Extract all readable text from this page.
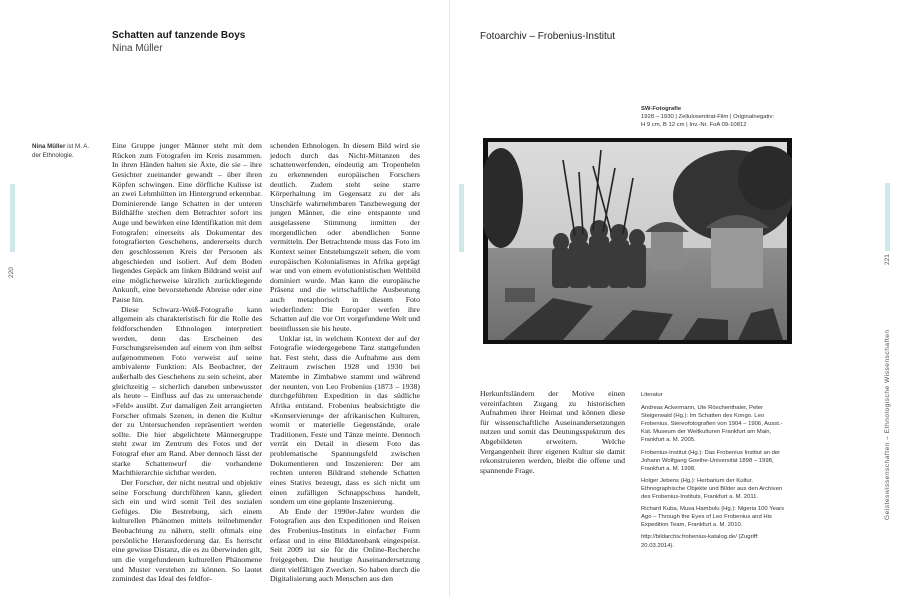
Schatten auf tanzende Boys
Nina Müller
Nina Müller ist M. A. der Ethnologie.
220

Eine Gruppe junger Männer steht mit dem Rücken zum Fotografen im Kreis zusammen. In ihren Händen halten sie Äxte, die sie – ihre Gesichter zueinander gewandt – über ihren Köpfen schwingen. Eine dörfliche Kulisse ist an zwei Lehmhütten im Hintergrund erkennbar. Dominierende lange Schatten in der unteren Bildhälfte stechen dem Betrachter sofort ins Auge und bewirken eine Identifikation mit dem Fotografen: einerseits als Dokumentar des fotografierten Geschehens, andererseits durch den geschlossenen Kreis der Personen als abgeschieden und isoliert. Auf dem Boden liegendes Gepäck am linken Bildrand weist auf eine möglicherweise kürzlich zurückliegende Ankunft, eine bevorstehende Abreise oder eine Pause hin.

Diese Schwarz-Weiß-Fotografie kann allgemein als charakteristisch für die Rolle des feldforschenden Ethnologen interpretiert werden, denn das Erscheinen des Forschungsreisenden auf einem von ihm selbst aufgenommenen Foto verweist auf seine ambivalente Funktion: Als Beobachter, der außerhalb des Geschehens zu sein scheint, aber gleichzeitig – sicherlich daneben unbewusster als heute – Einfluss auf das zu untersuchende »Feld« ausübt. Zur damaligen Zeit arrangierten Forscher oftmals Szenen, in denen die Kultur der zu Untersuchenden repräsentiert werden sollte. Die hier abgelichtete Männergruppe steht zwar im Zentrum des Fotos und der Fotograf eher am Rand. Aber dennoch lässt der starke Schattenwurf die vorhandene Machthierarchie sichtbar werden.

Der Forscher, der nicht neutral und objektiv seine Forschung durchführen kann, gliedert sich ein und wird somit Teil des sozialen Gefüges. Die Bestrebung, sich einem kulturellen Phänomen mittels teilnehmender Beobachtung zu nähern, stellt oftmals eine persönliche Herausforderung dar. Es herrscht eine gewisse Distanz, die es zu überwinden gilt, um die vorgefundenen kulturellen Phänomene und Muster verstehen zu können. So lautet zumindest das Ideal des feldfor-

schenden Ethnologen. In diesem Bild wird sie jedoch durch das Nicht-Mittanzen des schattenwerfenden, eindeutig am Tropenhelm zu erkennenden europäischen Forschers deutlich. Zudem steht seine starre Körperhaltung im Gegensatz zu der als Unschärfe wahrnehmbaren Tanzbewegung der jungen Männer, die eine entspannte und ausgelassene Stimmung inmitten der morgendlichen oder abendlichen Sonne vermitteln. Der Betrachtende muss das Foto im Kontext seiner Entstehungszeit sehen, die vom europäischen Kolonialismus in Afrika geprägt war und von einem evolutionistischen Weltbild dominiert wurde. Man kann die europäische Präsenz und die wirtschaftliche Ausbeutung auch metaphorisch in diesem Foto wiederfinden: Die Europäer werfen ihre Schatten auf die vor Ort vorgefundene Welt und beeinflussen sie bis heute.

Unklar ist, in welchem Kontext der auf der Fotografie wiedergegebene Tanz stattgefunden hat. Fest steht, dass die Aufnahme aus dem Zeitraum zwischen 1928 und 1930 bei Matembe in Zimbabwe stammt und während der neunten, von Leo Frobenius (1873 – 1938) durchgeführten Expedition in das südliche Afrika entstand. Frobenius beabsichtigte die »Konservierung« der afrikanischen Kulturen, womit er materielle Gegenstände, orale Traditionen, Feste und Tänze meinte. Dennoch verrät ein Detail in diesem Foto das problematische Spannungsfeld zwischen Dokumentieren und Inszenieren: Der am rechten unteren Bildrand stehende Schatten eines Stativs bezeugt, dass es sich nicht um einen zufälligen Schnappschuss handelt, sondern um eine geplante Inszenierung.

Ab Ende der 1990er-Jahre wurden die Fotografien aus den Expeditionen und Reisen des Frobenius-Instituts in einfacher Form erfasst und in eine Bilddatenbank eingespeist. Seit 2009 ist sie für die Online-Recherche freigegeben. Die heutige Auseinandersetzung dient vielfältigen Zwecken. So haben durch die Digitalisierung auch Menschen aus den

Fotoarchiv – Frobenius-Institut
221
Geisteswissenschaften – Ethnologische Wissenschaften
SW-Fotografie
1928 – 1930 | Zellulosenitrat-Film | Originalnegativ:
H 9 cm, B 12 cm | Inv.-Nr. FoA 09-10812

Herkunftsländern der Motive einen vereinfachten Zugang zu historischen Aufnahmen ihrer Heimat und können diese für wissenschaftliche Auseinandersetzungen nutzen und somit das Deutungsspektrum des Abgebildeten erweitern. Welche Vergangenheit ihrer eigenen Kultur sie damit rekonstruieren werden, bleibt die offene und spannende Frage.

Literatur

Andreas Ackermann, Ute Röschenthaler, Peter Steigerwald (Hg.): Im Schatten des Kongo. Leo Frobenius. Stereofotografien von 1904 – 1906, Ausst.-Kat. Museum der Weltkulturen Frankfurt am Main, Frankfurt a. M. 2005.

Frobenius-Institut (Hg.): Das Frobenius Institut an der Johann Wolfgang Goethe-Universität 1898 – 1998, Frankfurt a. M. 1998.

Holger Jebens (Hg.): Herbarium der Kultur. Ethnographische Objekte und Bilder aus den Archiven des Frobenius-Instituts, Frankfurt a. M. 2011.

Richard Kuba, Musa Hambolu (Hg.): Nigeria 100 Years Ago – Through the Eyes of Leo Frobenius and His Expedition Team, Frankfurt a. M. 2010.

http://bildarchiv.frobenius-katalog.de/ (Zugriff: 20.03.2014).
